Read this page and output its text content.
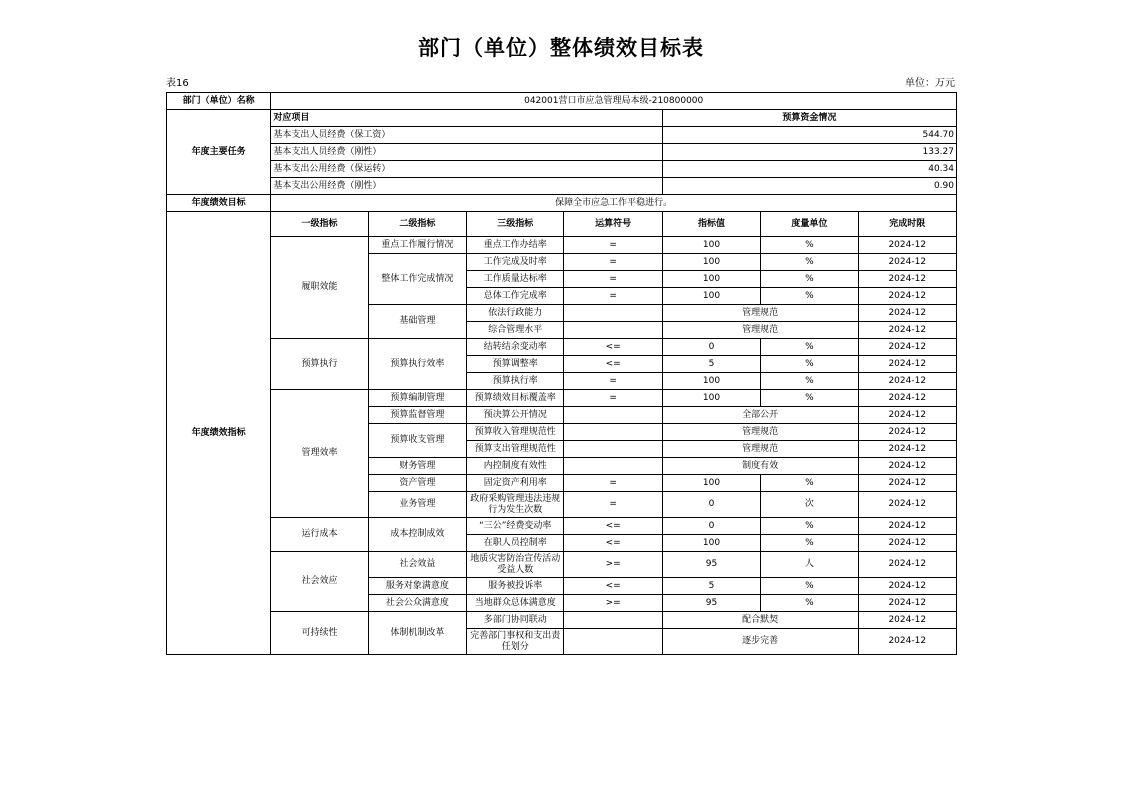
部门（单位）整体绩效目标表
表16	单位：万元
部门（单位）名称	042001营口市应急管理局本级-210800000						
年度主要任务	对应项目				预算资金情况		
	基本支出人员经费（保工资）				544.70		
	基本支出人员经费（刚性）				133.27		
	基本支出公用经费（保运转）				40.34		
	基本支出公用经费（刚性）				0.90		
年度绩效目标	保障全市应急工作平稳进行。						
年度绩效指标	一级指标	二级指标	三级指标	运算符号	指标值	度量单位	完成时限
	履职效能	重点工作履行情况	重点工作办结率	=	100	%	2024-12
		整体工作完成情况	工作完成及时率	=	100	%	2024-12
			工作质量达标率	=	100	%	2024-12
			总体工作完成率	=	100	%	2024-12
		基础管理	依法行政能力		管理规范		2024-12
			综合管理水平		管理规范		2024-12
	预算执行	预算执行效率	结转结余变动率	<=	0	%	2024-12
			预算调整率	<=	5	%	2024-12
			预算执行率	=	100	%	2024-12
	管理效率	预算编制管理	预算绩效目标覆盖率	=	100	%	2024-12
		预算监督管理	预决算公开情况		全部公开		2024-12
		预算收支管理	预算收入管理规范性		管理规范		2024-12
			预算支出管理规范性		管理规范		2024-12
		财务管理	内控制度有效性		制度有效		2024-12
		资产管理	固定资产利用率	=	100	%	2024-12
		业务管理	政府采购管理违法违规行为发生次数	=	0	次	2024-12
	运行成本	成本控制成效	“三公”经费变动率	<=	0	%	2024-12
			在职人员控制率	<=	100	%	2024-12
	社会效应	社会效益	地质灾害防治宣传活动受益人数	>=	95	人	2024-12
		服务对象满意度	服务被投诉率	<=	5	%	2024-12
		社会公众满意度	当地群众总体满意度	>=	95	%	2024-12
	可持续性	体制机制改革	多部门协同联动		配合默契		2024-12
			完善部门事权和支出责任划分		逐步完善		2024-12
